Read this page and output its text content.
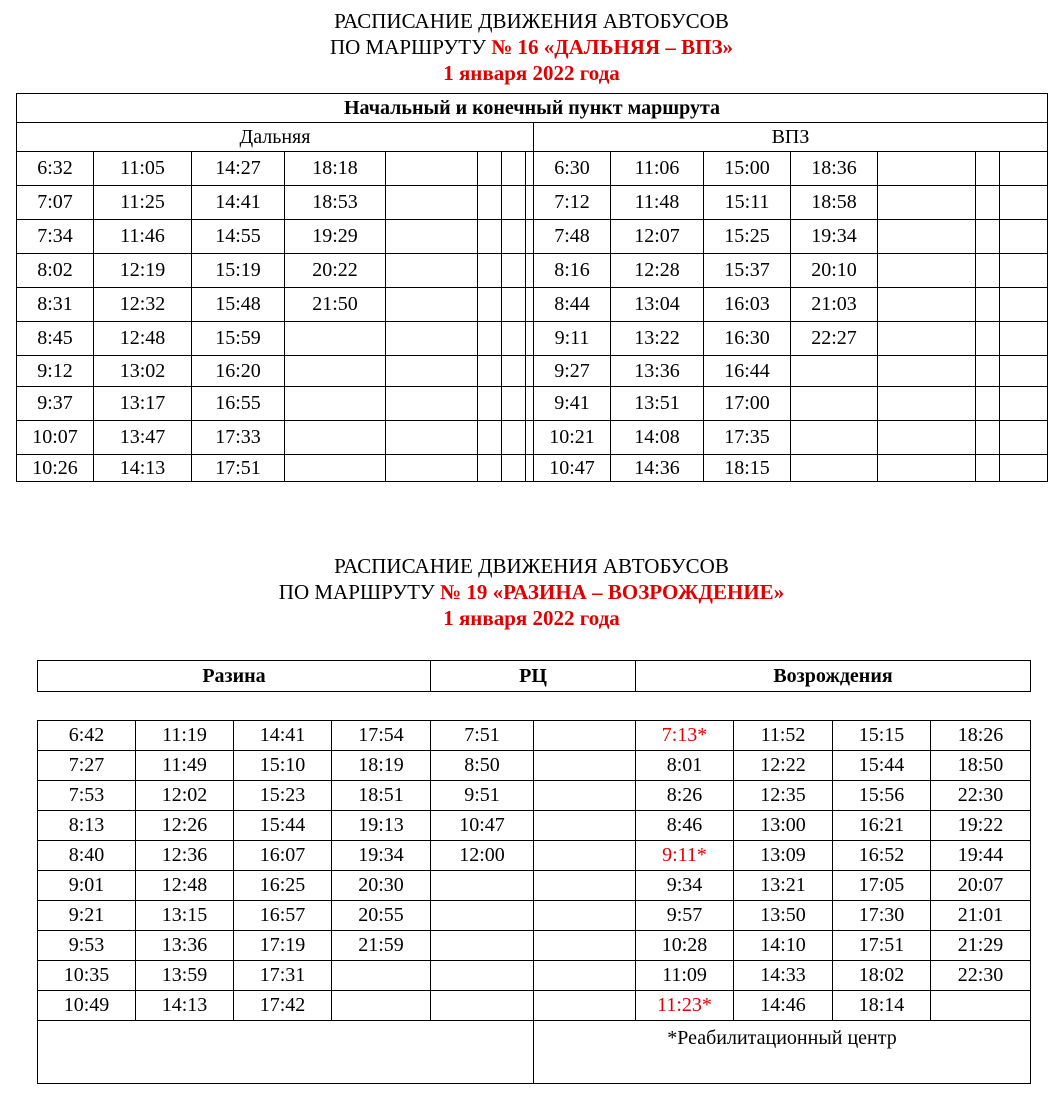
РАСПИСАНИЕ ДВИЖЕНИЯ АВТОБУСОВ
ПО МАРШРУТУ № 16 «ДАЛЬНЯЯ – ВПЗ»
1 января 2022 года
Начальный и конечный пункт маршрута														
Дальняя								ВПЗ						
6:32	11:05	14:27	18:18					6:30	11:06	15:00	18:36			
7:07	11:25	14:41	18:53					7:12	11:48	15:11	18:58			
7:34	11:46	14:55	19:29					7:48	12:07	15:25	19:34			
8:02	12:19	15:19	20:22					8:16	12:28	15:37	20:10			
8:31	12:32	15:48	21:50					8:44	13:04	16:03	21:03			
8:45	12:48	15:59						9:11	13:22	16:30	22:27			
9:12	13:02	16:20						9:27	13:36	16:44				
9:37	13:17	16:55						9:41	13:51	17:00				
10:07	13:47	17:33						10:21	14:08	17:35				
10:26	14:13	17:51						10:47	14:36	18:15				
РАСПИСАНИЕ ДВИЖЕНИЯ АВТОБУСОВ
ПО МАРШРУТУ № 19 «РАЗИНА – ВОЗРОЖДЕНИЕ»
1 января 2022 года
Разина	РЦ	Возрождения
6:42	11:19	14:41	17:54	7:51		7:13*	11:52	15:15	18:26
7:27	11:49	15:10	18:19	8:50		8:01	12:22	15:44	18:50
7:53	12:02	15:23	18:51	9:51		8:26	12:35	15:56	22:30
8:13	12:26	15:44	19:13	10:47		8:46	13:00	16:21	19:22
8:40	12:36	16:07	19:34	12:00		9:11*	13:09	16:52	19:44
9:01	12:48	16:25	20:30			9:34	13:21	17:05	20:07
9:21	13:15	16:57	20:55			9:57	13:50	17:30	21:01
9:53	13:36	17:19	21:59			10:28	14:10	17:51	21:29
10:35	13:59	17:31				11:09	14:33	18:02	22:30
10:49	14:13	17:42				11:23*	14:46	18:14	
					*Реабилитационный центр				
